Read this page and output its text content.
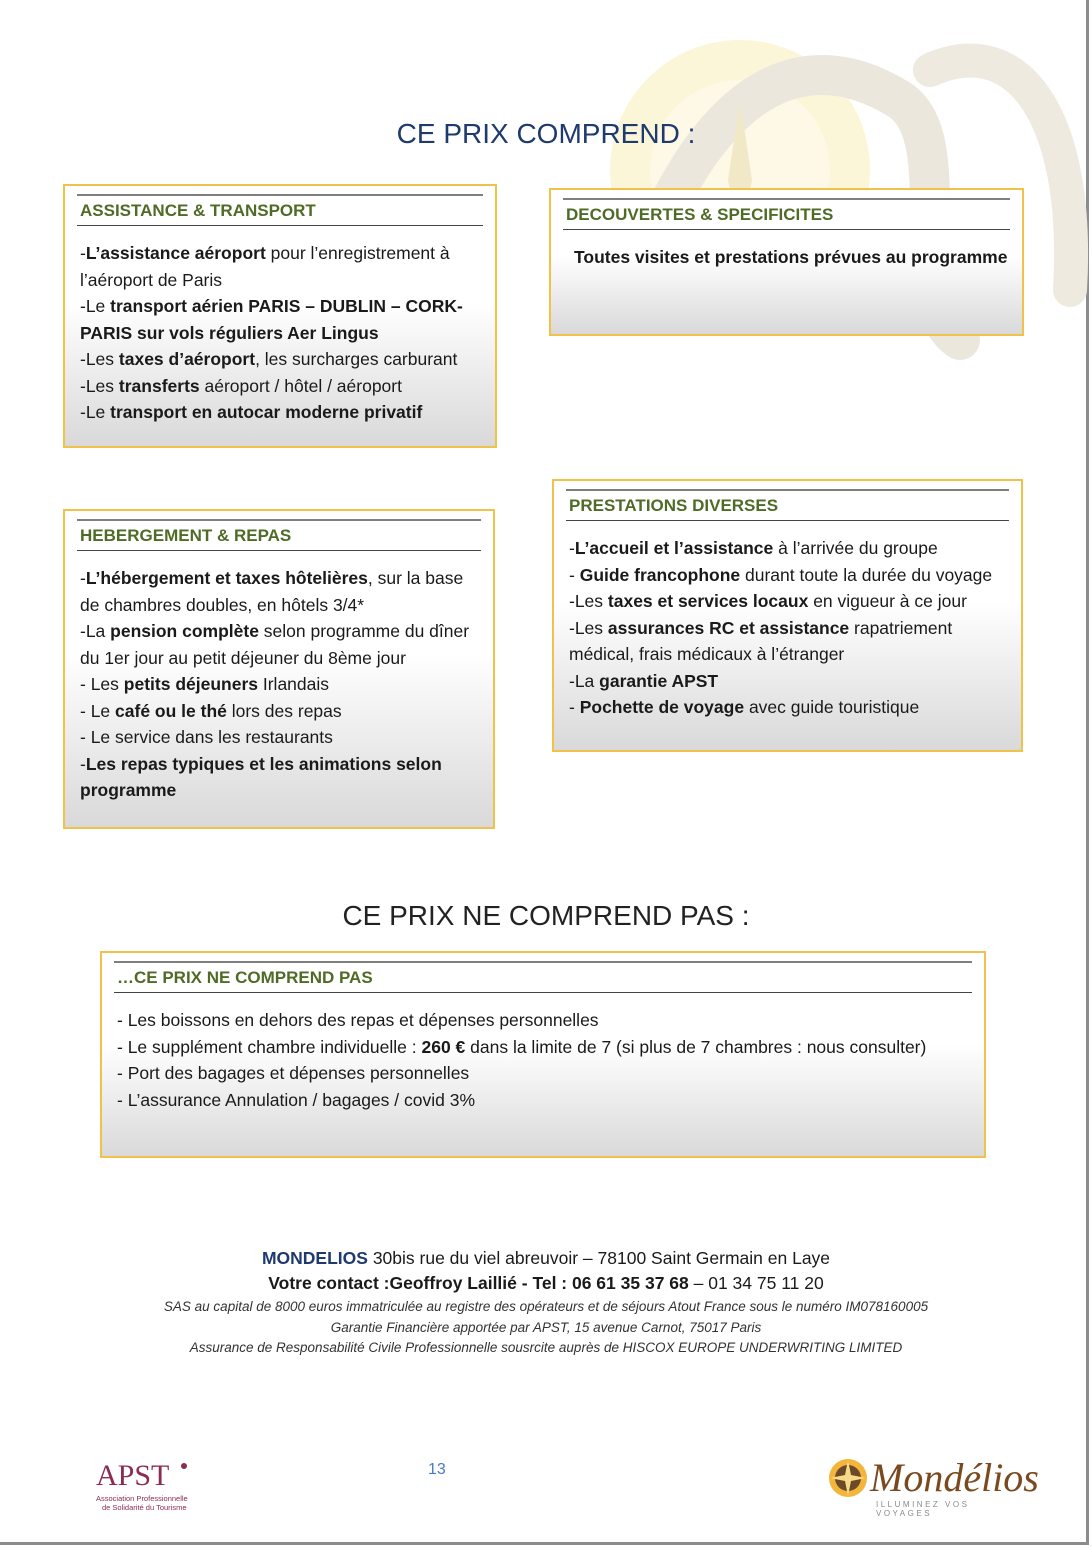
CE PRIX COMPREND :
ASSISTANCE & TRANSPORT
-L’assistance aéroport pour l’enregistrement à l’aéroport de Paris
-Le transport aérien PARIS – DUBLIN – CORK-PARIS sur vols réguliers Aer Lingus
-Les taxes d’aéroport, les surcharges carburant
-Les transferts aéroport / hôtel / aéroport
-Le transport en autocar moderne privatif
DECOUVERTES & SPECIFICITES
Toutes visites et prestations prévues au programme
HEBERGEMENT & REPAS
-L’hébergement et taxes hôtelières, sur la base de chambres doubles, en hôtels 3/4*
-La pension complète selon programme du dîner du 1er jour au petit déjeuner du 8ème jour
- Les petits déjeuners Irlandais
- Le café ou le thé lors des repas
- Le service dans les restaurants
-Les repas typiques et les animations selon programme
PRESTATIONS DIVERSES
-L’accueil et l’assistance à l’arrivée du groupe
- Guide francophone durant toute la durée du voyage
-Les taxes et services locaux en vigueur à ce jour
-Les assurances RC et assistance rapatriement médical, frais médicaux à l’étranger
-La garantie APST
- Pochette de voyage avec guide touristique
CE PRIX NE COMPREND PAS :
…CE PRIX NE COMPREND PAS
- Les boissons en dehors des repas et dépenses personnelles
- Le supplément chambre individuelle : 260 € dans la limite de 7 (si plus de 7 chambres : nous consulter)
- Port des bagages et dépenses personnelles
- L’assurance Annulation / bagages / covid 3%
MONDELIOS 30bis rue du viel abreuvoir – 78100 Saint Germain en Laye
Votre contact :Geoffroy Laillié - Tel : 06 61 35 37 68 – 01 34 75 11 20
SAS au capital de 8000 euros immatriculée au registre des opérateurs et de séjours Atout France sous le numéro IM078160005
Garantie Financière apportée par APST, 15 avenue Carnot, 75017 Paris
Assurance de Responsabilité Civile Professionnelle sousrcite auprès de HISCOX EUROPE UNDERWRITING LIMITED
13
APST
Association Professionnelle
de Solidarité du Tourisme
Mondélios
ILLUMINEZ VOS VOYAGES
